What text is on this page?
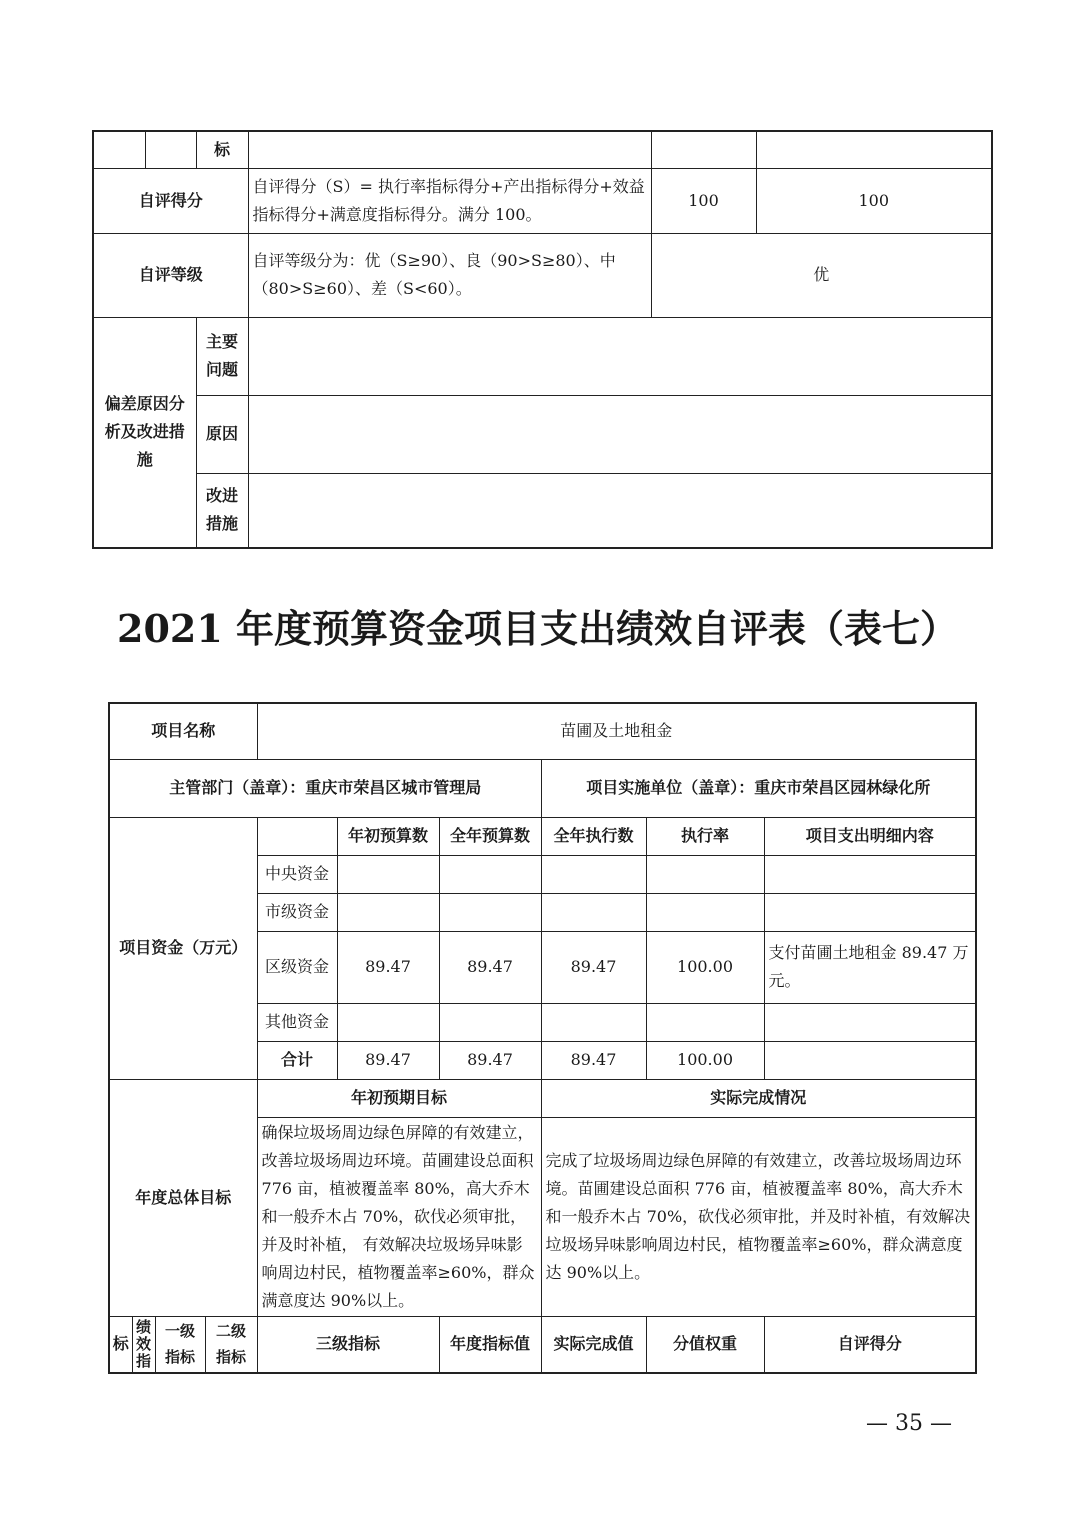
		标			
自评得分			自评得分（S）= 执行率指标得分+产出指标得分+效益指标得分+满意度指标得分。满分 100。	100	100
自评等级			自评等级分为：优（S≥90）、良（90>S≥80）、中（80>S≥60）、差（S<60）。	优	
偏差原因分析及改进措施		主要问题			
		原因			
		改进措施			
2021 年度预算资金项目支出绩效自评表（表七）
项目名称				苗圃及土地租金					
主管部门（盖章）：重庆市荣昌区城市管理局							项目实施单位（盖章）：重庆市荣昌区园林绿化所		
项目资金（万元）					年初预算数	全年预算数	全年执行数	执行率	项目支出明细内容
				中央资金					
				市级资金					
				区级资金	89.47	89.47	89.47	100.00	支付苗圃土地租金 89.47 万元。
				其他资金					
				合计	89.47	89.47	89.47	100.00	
年度总体目标				年初预期目标			实际完成情况		
				确保垃圾场周边绿色屏障的有效建立，改善垃圾场周边环境。苗圃建设总面积 776 亩，植被覆盖率 80%，高大乔木和一般乔木占 70%，砍伐必须审批，并及时补植， 有效解决垃圾场异味影响周边村民，植物覆盖率≥60%，群众满意度达 90%以上。			完成了垃圾场周边绿色屏障的有效建立，改善垃圾场周边环境。苗圃建设总面积 776 亩，植被覆盖率 80%，高大乔木和一般乔木占 70%，砍伐必须审批，并及时补植，有效解决垃圾场异味影响周边村民，植物覆盖率≥60%，群众满意度达 90%以上。		
标	绩效指	一级指标	二级指标	三级指标		年度指标值	实际完成值	分值权重	自评得分
— 35 —
